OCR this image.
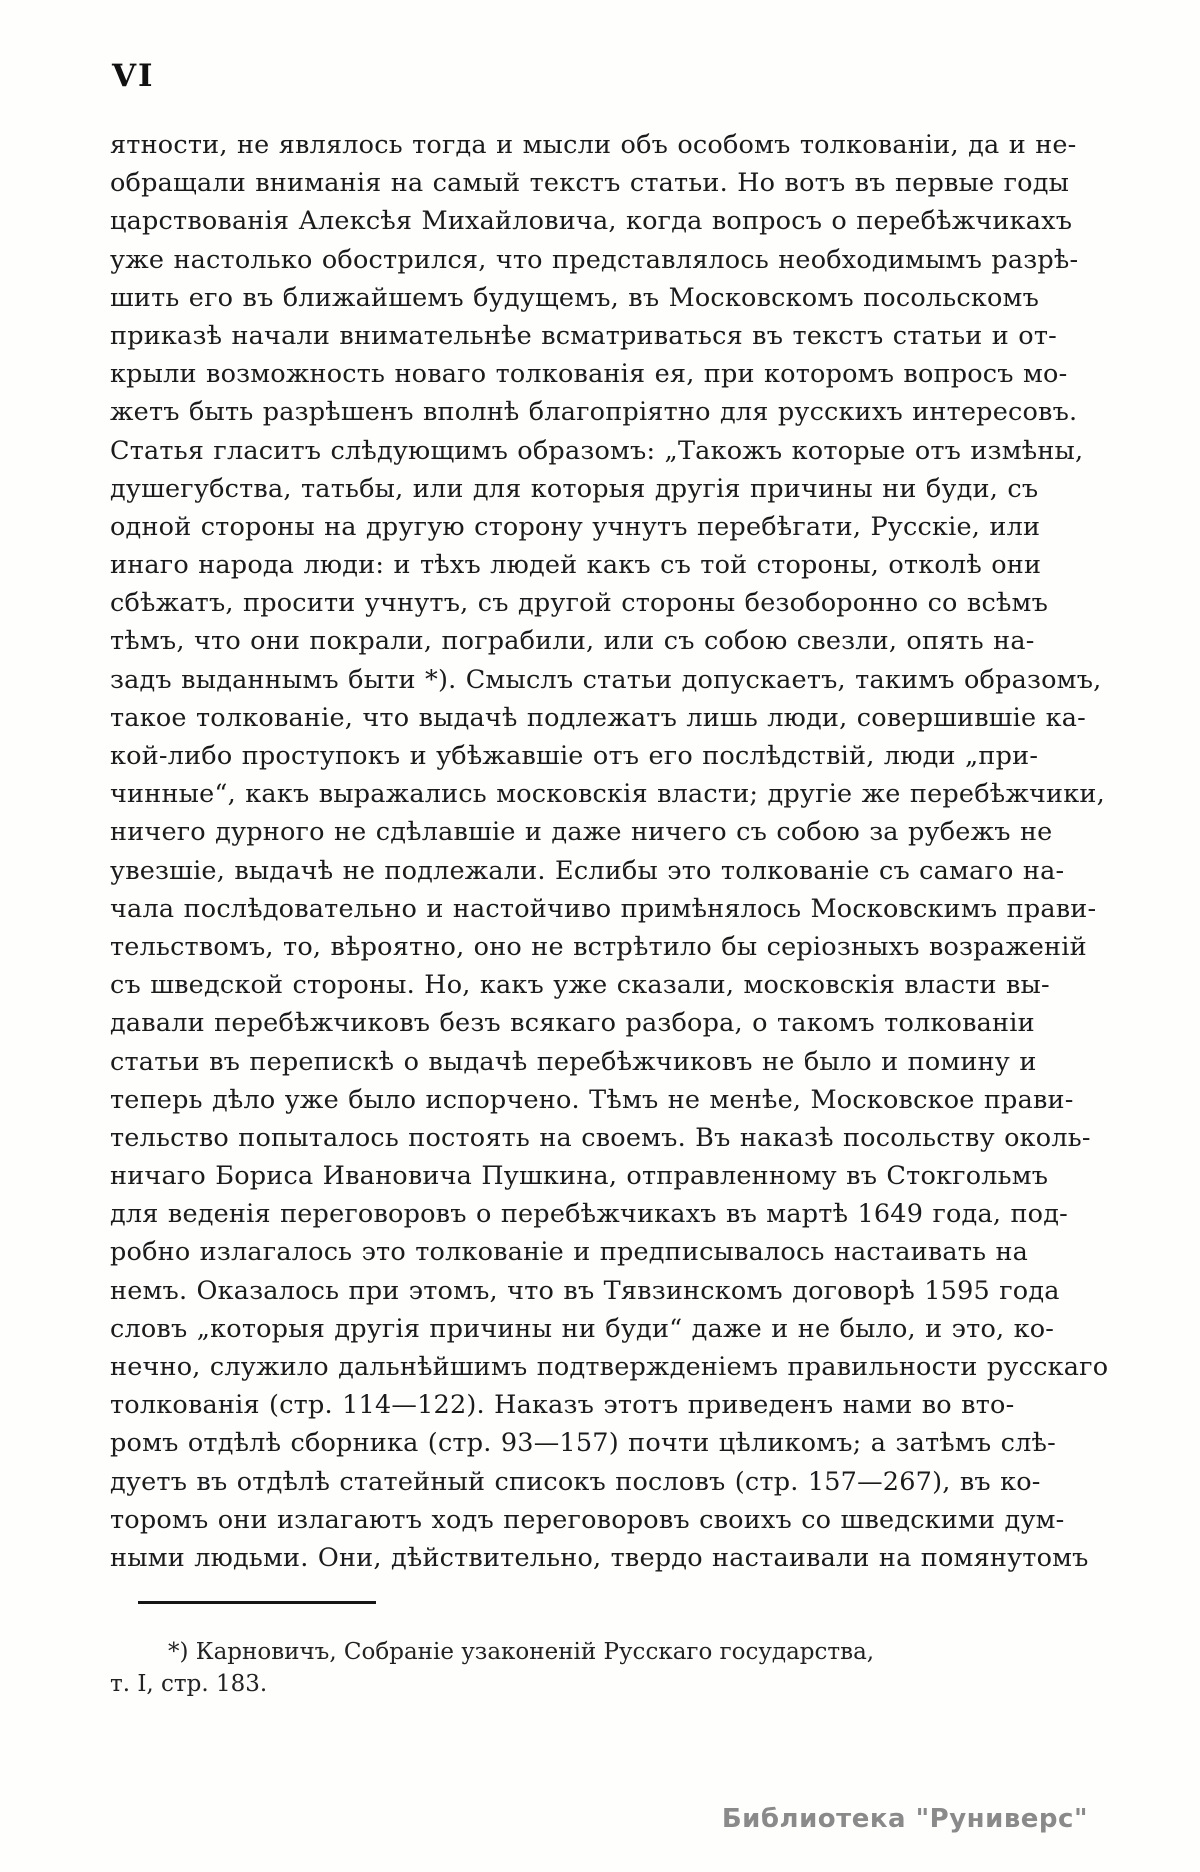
VI
ятности, не являлось тогда и мысли объ особомъ толкованіи, да и не-
обращали вниманія на самый текстъ статьи. Но вотъ въ первые годы
царствованія Алексѣя Михайловича, когда вопросъ о перебѣжчикахъ
уже настолько обострился, что представлялось необходимымъ разрѣ-
шить его въ ближайшемъ будущемъ, въ Московскомъ посольскомъ
приказѣ начали внимательнѣе всматриваться въ текстъ статьи и от-
крыли возможность новаго толкованія ея, при которомъ вопросъ мо-
жетъ быть разрѣшенъ вполнѣ благопріятно для русскихъ интересовъ.
Статья гласитъ слѣдующимъ образомъ: „Такожъ которые отъ измѣны,
душегубства, татьбы, или для которыя другія причины ни буди, съ
одной стороны на другую сторону учнутъ перебѣгати, Русскіе, или
инаго народа люди: и тѣхъ людей какъ съ той стороны, отколѣ они
сбѣжатъ, просити учнутъ, съ другой стороны безоборонно со всѣмъ
тѣмъ, что они покрали, пограбили, или съ собою свезли, опять на-
задъ выданнымъ быти *). Смыслъ статьи допускаетъ, такимъ образомъ,
такое толкованіе, что выдачѣ подлежатъ лишь люди, совершившіе ка-
кой-либо проступокъ и убѣжавшіе отъ его послѣдствій, люди „при-
чинные“, какъ выражались московскія власти; другіе же перебѣжчики,
ничего дурного не сдѣлавшіе и даже ничего съ собою за рубежъ не
увезшіе, выдачѣ не подлежали. Еслибы это толкованіе съ самаго на-
чала послѣдовательно и настойчиво примѣнялось Московскимъ прави-
тельствомъ, то, вѣроятно, оно не встрѣтило бы серіозныхъ возраженій
съ шведской стороны. Но, какъ уже сказали, московскія власти вы-
давали перебѣжчиковъ безъ всякаго разбора, о такомъ толкованіи
статьи въ перепискѣ о выдачѣ перебѣжчиковъ не было и помину и
теперь дѣло уже было испорчено. Тѣмъ не менѣе, Московское прави-
тельство попыталось постоять на своемъ. Въ наказѣ посольству околь-
ничаго Бориса Ивановича Пушкина, отправленному въ Стокгольмъ
для веденія переговоровъ о перебѣжчикахъ въ мартѣ 1649 года, под-
робно излагалось это толкованіе и предписывалось настаивать на
немъ. Оказалось при этомъ, что въ Тявзинскомъ договорѣ 1595 года
словъ „которыя другія причины ни буди“ даже и не было, и это, ко-
нечно, служило дальнѣйшимъ подтвержденіемъ правильности русскаго
толкованія (стр. 114—122). Наказъ этотъ приведенъ нами во вто-
ромъ отдѣлѣ сборника (стр. 93—157) почти цѣликомъ; а затѣмъ слѣ-
дуетъ въ отдѣлѣ статейный списокъ пословъ (стр. 157—267), въ ко-
торомъ они излагаютъ ходъ переговоровъ своихъ со шведскими дум-
ными людьми. Они, дѣйствительно, твердо настаивали на помянутомъ
*) Карновичъ, Собраніе узаконеній Русскаго государства, т. I, стр. 183.
Библиотека "Руниверс"
